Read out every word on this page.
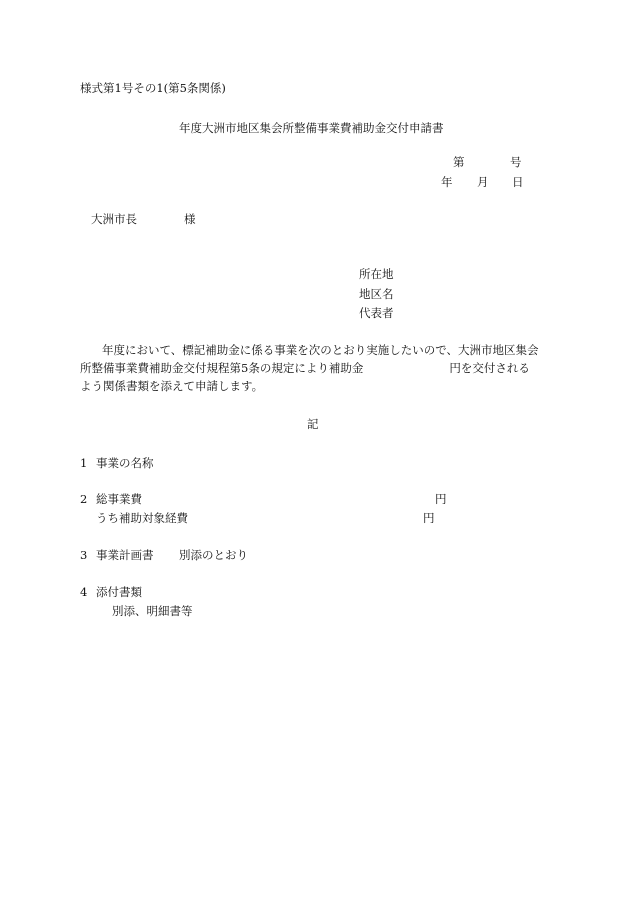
様式第1号その1(第5条関係)
年度大洲市地区集会所整備事業費補助金交付申請書
第	号
年 月 日
大洲市長	様
所在地
地区名
代表者
年度において、標記補助金に係る事業を次のとおり実施したいので、大洲市地区集会
所整備事業費補助金交付規程第5条の規定により補助金	円を交付される
よう関係書類を添えて申請します。
記
1 事業の名称
2 総事業費	円
うち補助対象経費	円
3 事業計画書 別添のとおり
4 添付書類
別添、明細書等
